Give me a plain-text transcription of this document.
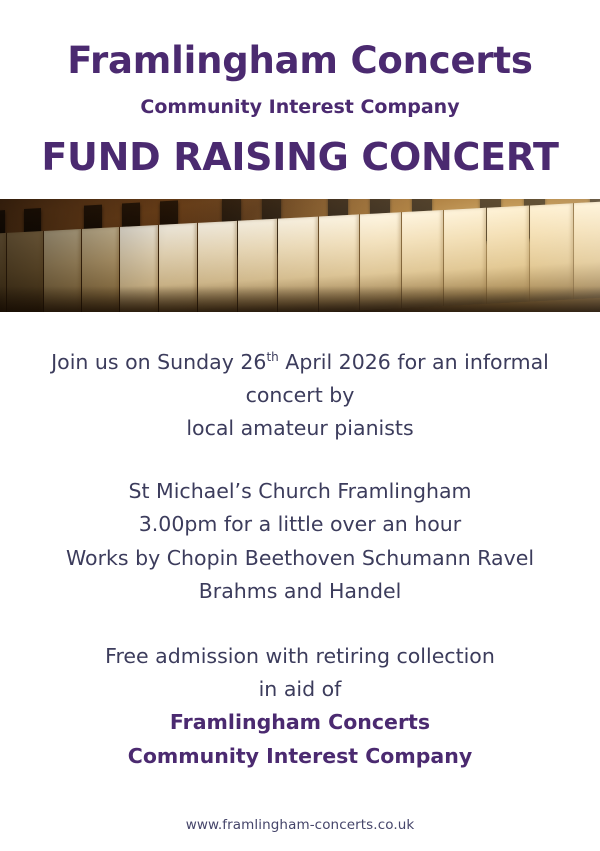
Framlingham Concerts
Community Interest Company
FUND RAISING CONCERT
Join us on Sunday 26th April 2026 for an informal
concert by
local amateur pianists
St Michael’s Church Framlingham
3.00pm for a little over an hour
Works by Chopin Beethoven Schumann Ravel
Brahms and Handel
Free admission with retiring collection
in aid of
Framlingham Concerts
Community Interest Company
www.framlingham-concerts.co.uk
